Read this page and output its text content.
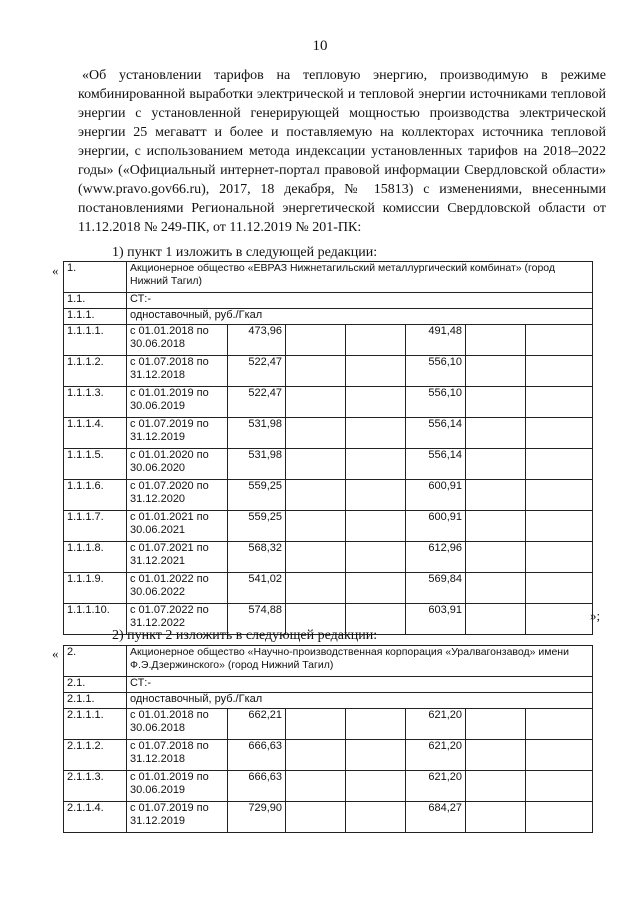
10
«Об установлении тарифов на тепловую энергию, производимую в режиме комбинированной выработки электрической и тепловой энергии источниками тепловой энергии с установленной генерирующей мощностью производства электрической энергии 25 мегаватт и более и поставляемую на коллекторах источника тепловой энергии, с использованием метода индексации установленных тарифов на 2018–2022 годы» («Официальный интернет-портал правовой информации Свердловской области» (www.pravo.gov66.ru), 2017, 18 декабря, № 15813) с изменениями, внесенными постановлениями Региональной энергетической комиссии Свердловской области от 11.12.2018 № 249-ПК, от 11.12.2019 № 201-ПК:
1) пункт 1 изложить в следующей редакции:
« 1.	Акционерное общество «ЕВРАЗ Нижнетагильский металлургический комбинат» (город Нижний Тагил)						
1.1.	СТ:-						
1.1.1.	одноставочный, руб./Гкал						
1.1.1.1.	с 01.01.2018 по 30.06.2018	473,96			491,48		
1.1.1.2.	с 01.07.2018 по 31.12.2018	522,47			556,10		
1.1.1.3.	с 01.01.2019 по 30.06.2019	522,47			556,10		
1.1.1.4.	с 01.07.2019 по 31.12.2019	531,98			556,14		
1.1.1.5.	с 01.01.2020 по 30.06.2020	531,98			556,14		
1.1.1.6.	с 01.07.2020 по 31.12.2020	559,25			600,91		
1.1.1.7.	с 01.01.2021 по 30.06.2021	559,25			600,91		
1.1.1.8.	с 01.07.2021 по 31.12.2021	568,32			612,96		
1.1.1.9.	с 01.01.2022 по 30.06.2022	541,02			569,84		
1.1.1.10.	с 01.07.2022 по 31.12.2022	574,88			603,91			»;
2) пункт 2 изложить в следующей редакции:
« 2.	Акционерное общество «Научно-производственная корпорация «Уралвагонзавод» имени Ф.Э.Дзержинского» (город Нижний Тагил)						
2.1.	СТ:-						
2.1.1.	одноставочный, руб./Гкал						
2.1.1.1.	с 01.01.2018 по 30.06.2018	662,21			621,20		
2.1.1.2.	с 01.07.2018 по 31.12.2018	666,63			621,20		
2.1.1.3.	с 01.01.2019 по 30.06.2019	666,63			621,20		
2.1.1.4.	с 01.07.2019 по 31.12.2019	729,90			684,27		
